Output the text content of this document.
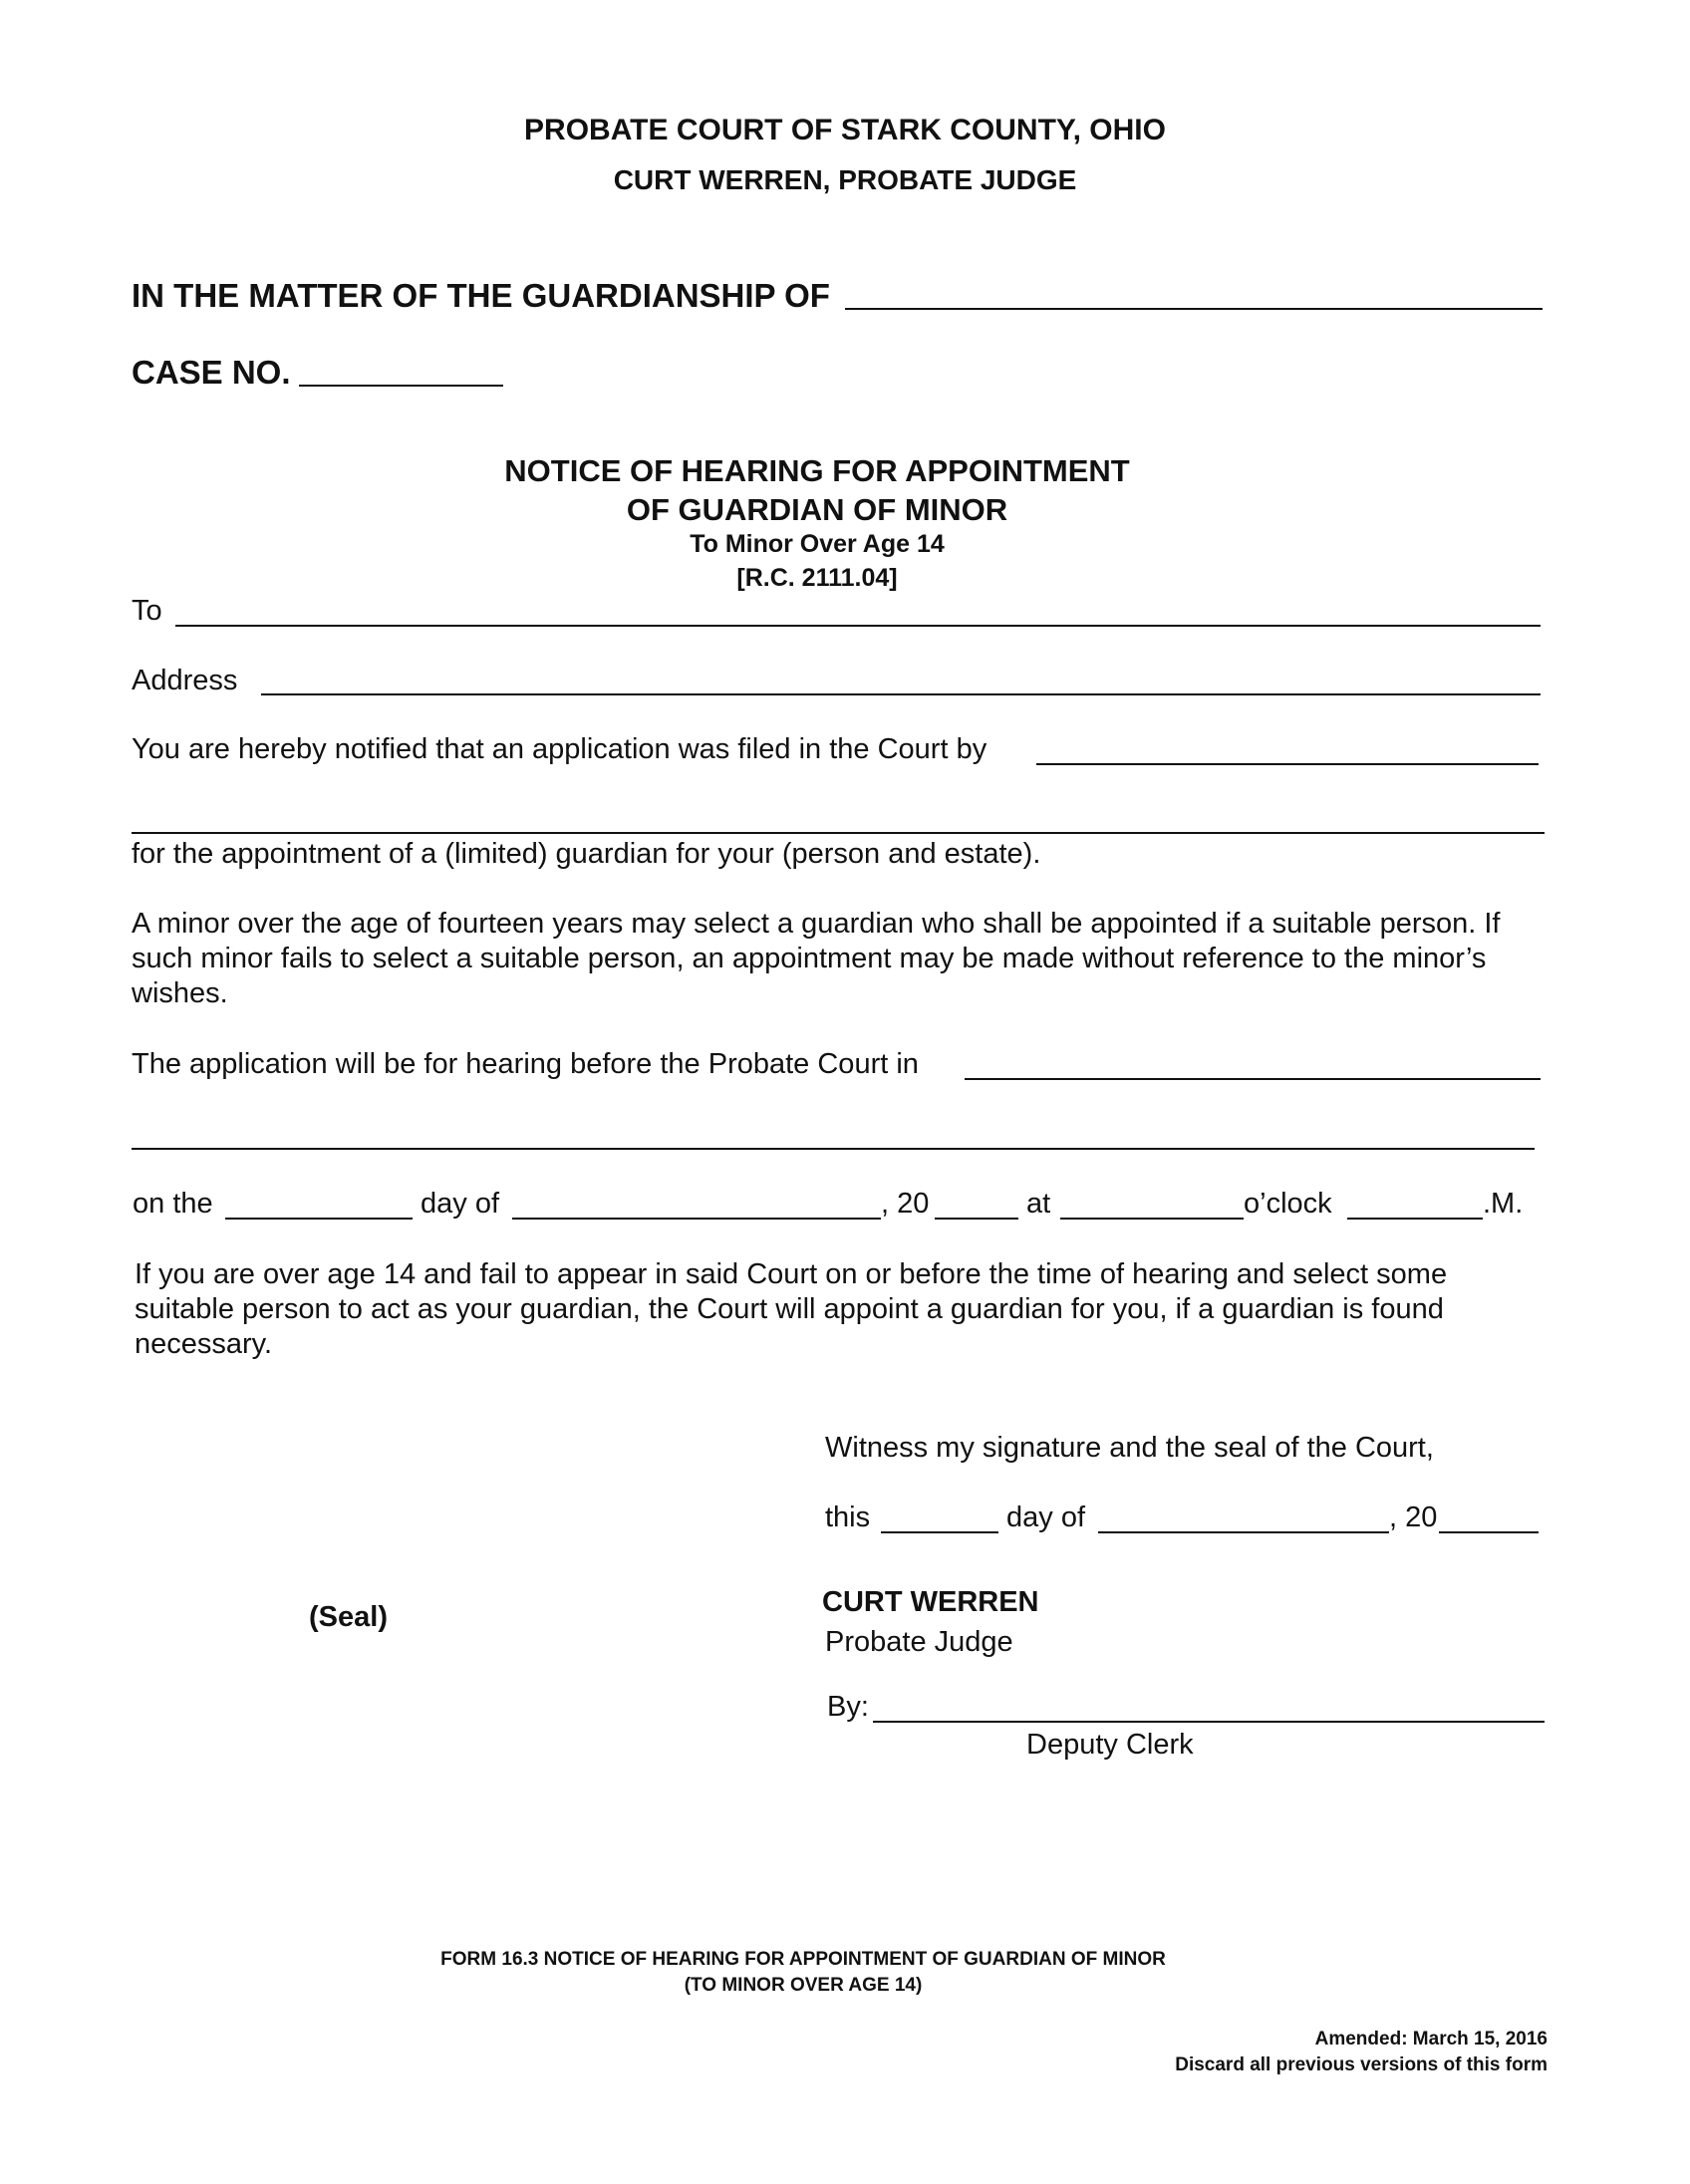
PROBATE COURT OF STARK COUNTY, OHIO
CURT WERREN, PROBATE JUDGE
IN THE MATTER OF THE GUARDIANSHIP OF
CASE NO.
NOTICE OF HEARING FOR APPOINTMENT
OF GUARDIAN OF MINOR
To Minor Over Age 14
[R.C. 2111.04]
To
Address
You are hereby notified that an application was filed in the Court by
for the appointment of a (limited) guardian for your (person and estate).
A minor over the age of fourteen years may select a guardian who shall be appointed if a suitable person. If such minor fails to select a suitable person, an appointment may be made without reference to the minor’s wishes.
The application will be for hearing before the Probate Court in
on the	day of	, 20	at	o’clock	.M.
If you are over age 14 and fail to appear in said Court on or before the time of hearing and select some suitable person to act as your guardian, the Court will appoint a guardian for you, if a guardian is found necessary.
Witness my signature and the seal of the Court,
this	day of	, 20
(Seal)	CURT WERREN
Probate Judge
By:
Deputy Clerk
FORM 16.3 NOTICE OF HEARING FOR APPOINTMENT OF GUARDIAN OF MINOR
(TO MINOR OVER AGE 14)
Amended: March 15, 2016
Discard all previous versions of this form
